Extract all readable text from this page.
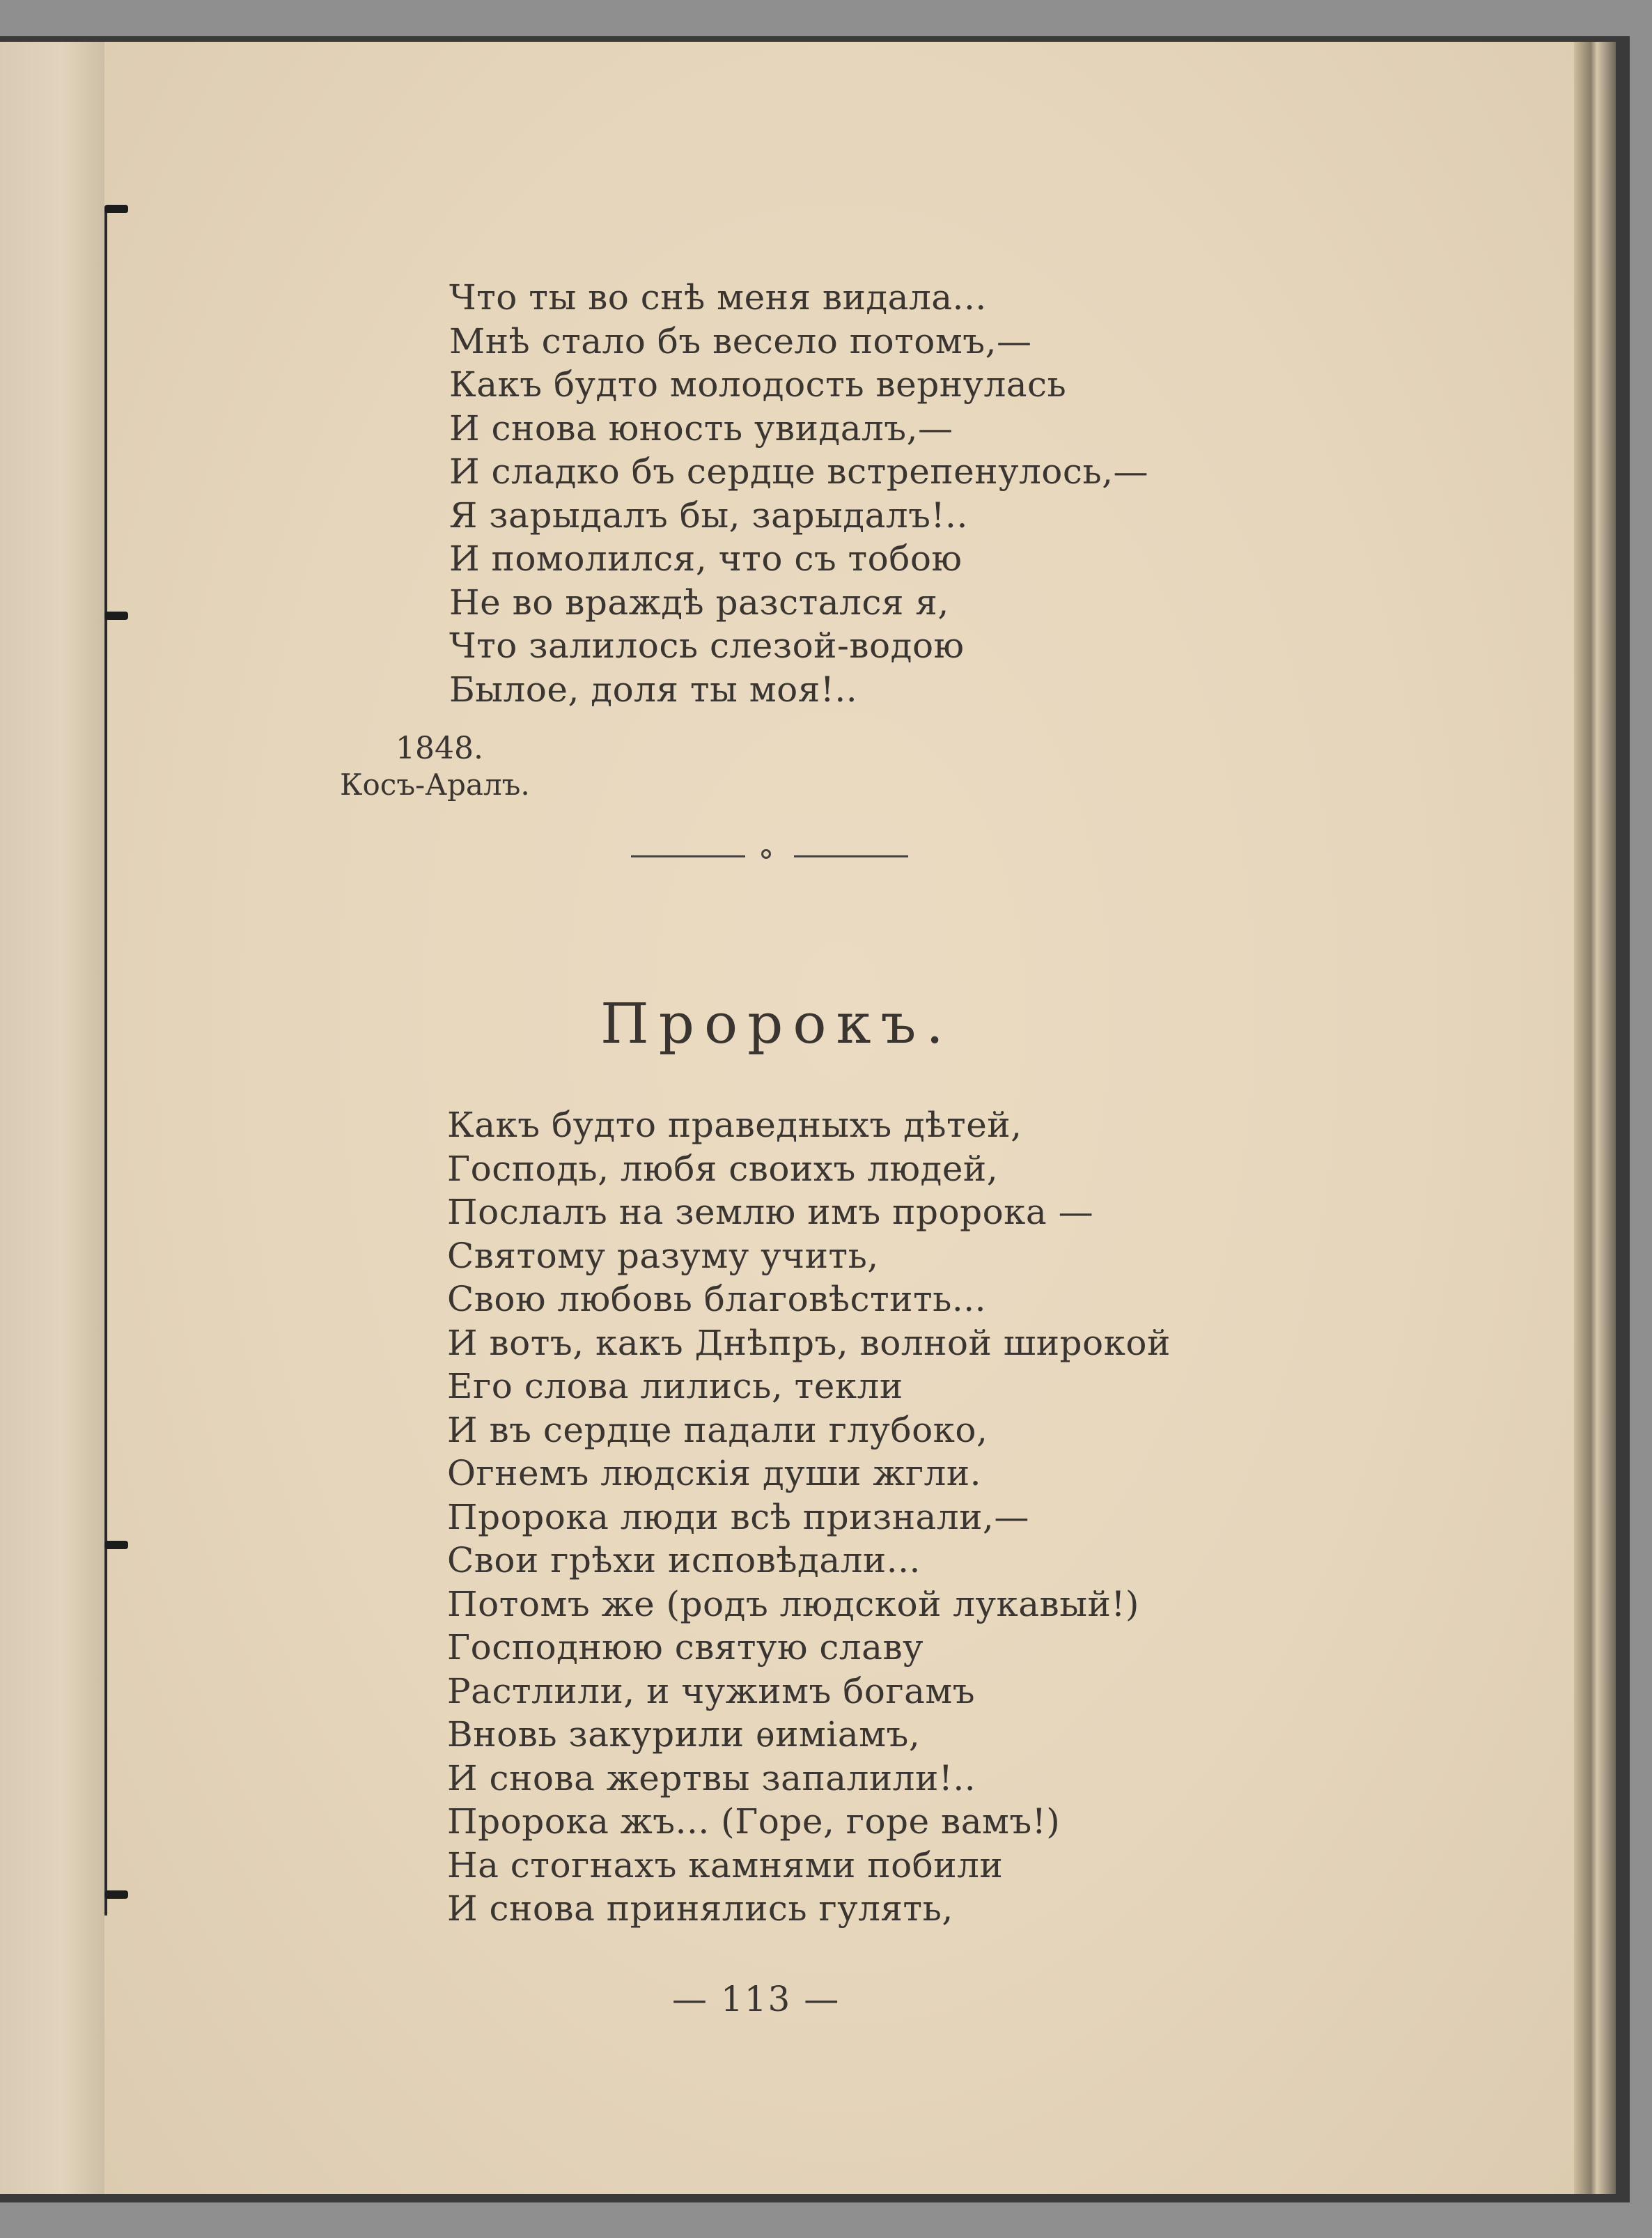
Что ты во снѣ меня видала...
Мнѣ стало бъ весело потомъ,—
Какъ будто молодость вернулась
И снова юность увидалъ,—
И сладко бъ сердце встрепенулось,—
Я зарыдалъ бы, зарыдалъ!..
И помолился, что съ тобою
Не во враждѣ разстался я,
Что залилось слезой-водою
Былое, доля ты моя!..
1848.
Косъ-Аралъ.
Пророкъ.
Какъ будто праведныхъ дѣтей,
Господь, любя своихъ людей,
Послалъ на землю имъ пророка —
Святому разуму учить,
Свою любовь благовѣстить...
И вотъ, какъ Днѣпръ, волной широкой
Его слова лились, текли
И въ сердце падали глубоко,
Огнемъ людскія души жгли.
Пророка люди всѣ признали,—
Свои грѣхи исповѣдали...
Потомъ же (родъ людской лукавый!)
Господнюю святую славу
Растлили, и чужимъ богамъ
Вновь закурили ѳиміамъ,
И снова жертвы запалили!..
Пророка жъ... (Горе, горе вамъ!)
На стогнахъ камнями побили
И снова принялись гулять,
— 113 —
